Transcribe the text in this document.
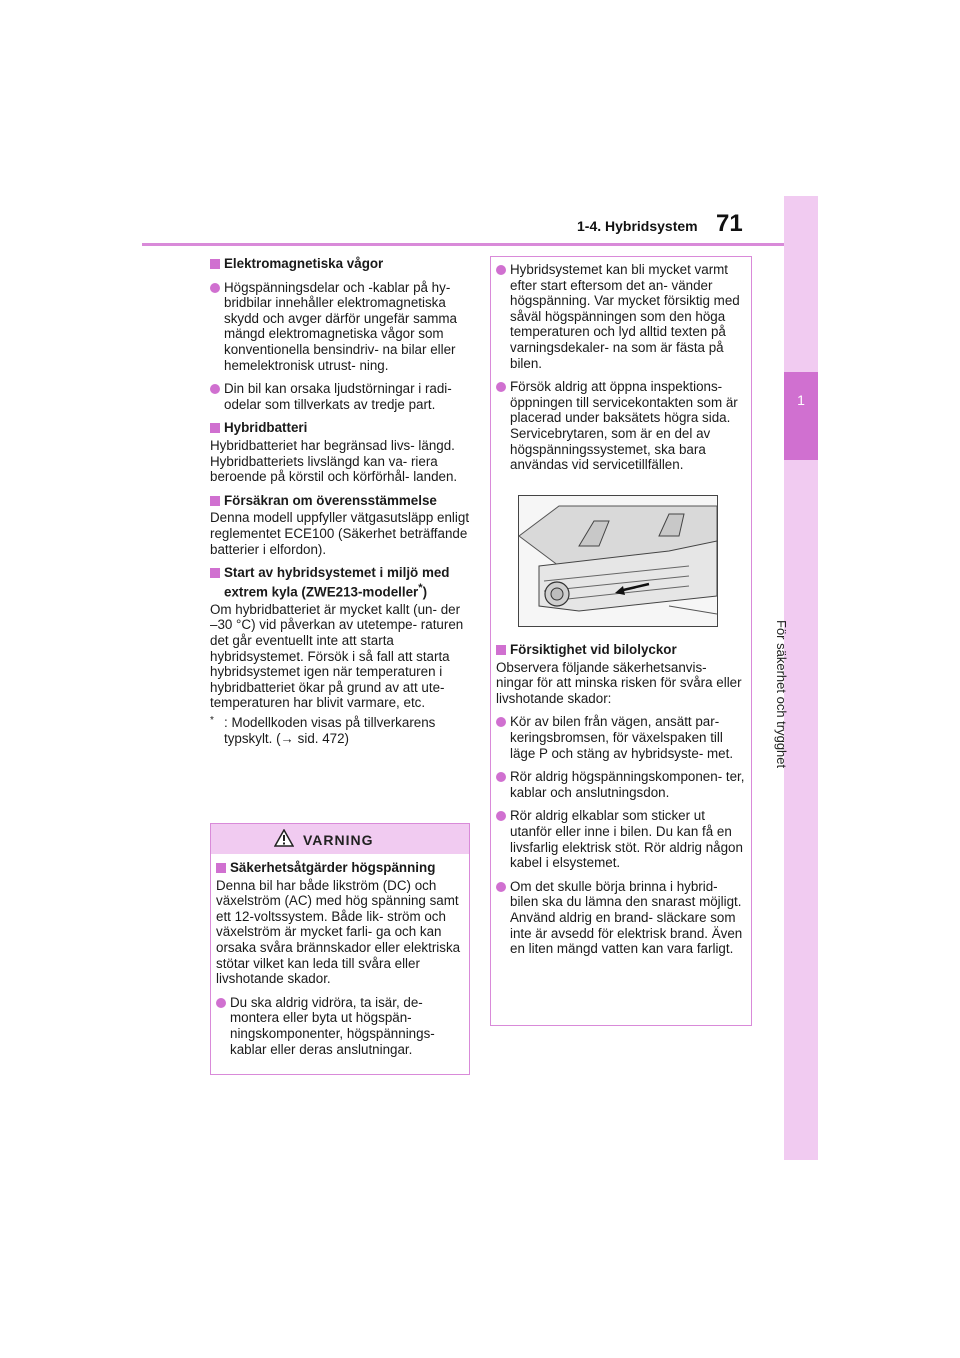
1-4. Hybridsystem 71
1
För säkerhet och trygghet
Elektromagnetiska vågor
Högspänningsdelar och -kablar på hy- bridbilar innehåller elektromagnetiska skydd och avger därför ungefär samma mängd elektromagnetiska vågor som konventionella bensindriv- na bilar eller hemelektronisk utrust- ning.
Din bil kan orsaka ljudstörningar i radi- odelar som tillverkats av tredje part.
Hybridbatteri
Hybridbatteriet har begränsad livs- längd. Hybridbatteriets livslängd kan va- riera beroende på körstil och körförhål- landen.
Försäkran om överensstämmelse
Denna modell uppfyller vätgasutsläpp enligt reglementet ECE100 (Säkerhet beträffande batterier i elfordon).
Start av hybridsystemet i miljö med extrem kyla (ZWE213-modeller*)
Om hybridbatteriet är mycket kallt (un- der –30 °C) vid påverkan av utetempe- raturen det går eventuellt inte att starta hybridsystemet. Försök i så fall att starta hybridsystemet igen när temperaturen i hybridbatteriet ökar på grund av att ute- temperaturen har blivit varmare, etc.
* : Modellkoden visas på tillverkarens typskylt. (→ sid. 472)
VARNING
Säkerhetsåtgärder högspänning
Denna bil har både likström (DC) och växelström (AC) med hög spänning samt ett 12-voltssystem. Både lik- ström och växelström är mycket farli- ga och kan orsaka svåra brännskador eller elektriska stötar vilket kan leda till svåra eller livshotande skador.
Du ska aldrig vidröra, ta isär, de- montera eller byta ut högspän- ningskomponenter, högspännings- kablar eller deras anslutningar.
Hybridsystemet kan bli mycket varmt efter start eftersom det an- vänder högspänning. Var mycket försiktig med såväl högspänningen som den höga temperaturen och lyd alltid texten på varningsdekaler- na som är fästa på bilen.
Försök aldrig att öppna inspektions- öppningen till servicekontakten som är placerad under baksätets högra sida. Servicebrytaren, som är en del av högspänningssystemet, ska bara användas vid servicetillfällen.
Försiktighet vid bilolyckor
Observera följande säkerhetsanvis- ningar för att minska risken för svåra eller livshotande skador:
Kör av bilen från vägen, ansätt par- keringsbromsen, för växelspaken till läge P och stäng av hybridsyste- met.
Rör aldrig högspänningskomponen- ter, kablar och anslutningsdon.
Rör aldrig elkablar som sticker ut utanför eller inne i bilen. Du kan få en livsfarlig elektrisk stöt. Rör aldrig någon kabel i elsystemet.
Om det skulle börja brinna i hybrid- bilen ska du lämna den snarast möjligt. Använd aldrig en brand- släckare som inte är avsedd för elektrisk brand. Även en liten mängd vatten kan vara farligt.
